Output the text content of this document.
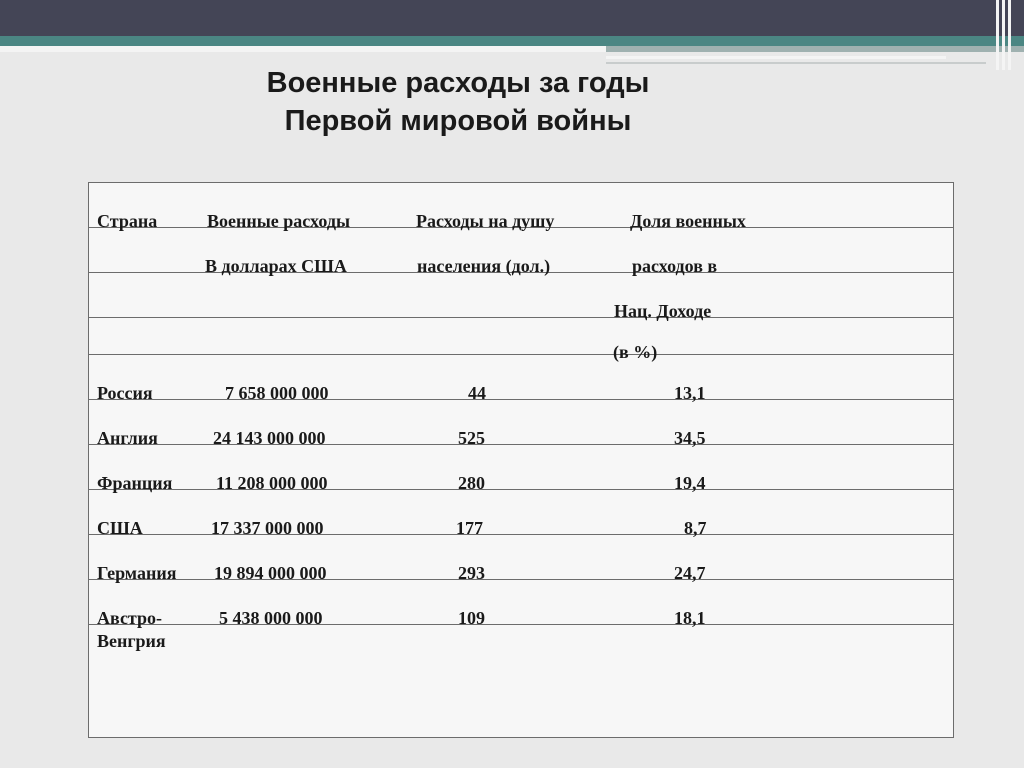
Военные расходы за годы
Первой мировой войны
Страна	Военные расходы	Расходы на душу	Доля военных

В долларах США	населения (дол.)	расходов в

Нац. Доходе

(в %)

Россия	7 658 000 000	44	13,1

Англия	24 143 000 000	525	34,5

Франция 11 208 000 000	280	19,4

США	17 337 000 000	177	8,7

Германия 19 894 000 000	293	24,7

Австро-	5 438 000 000	109	18,1

Венгрия
